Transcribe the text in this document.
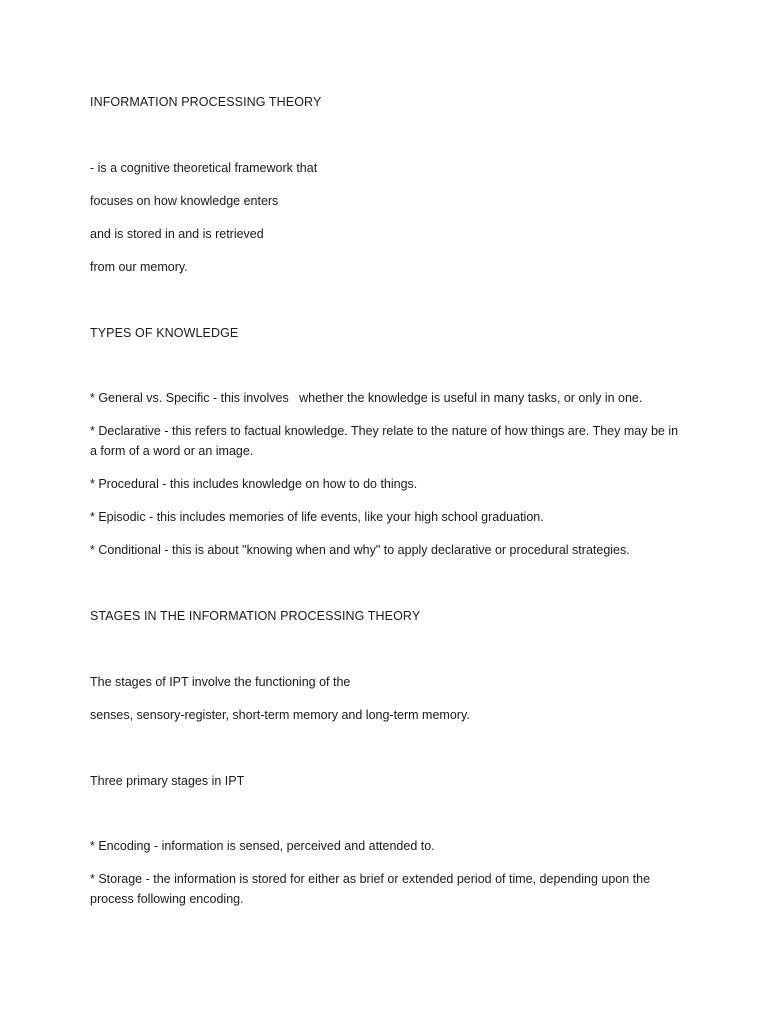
INFORMATION PROCESSING THEORY

- is a cognitive theoretical framework that

focuses on how knowledge enters

and is stored in and is retrieved

from our memory.

TYPES OF KNOWLEDGE

* General vs. Specific - this involves   whether the knowledge is useful in many tasks, or only in one.

* Declarative - this refers to factual knowledge. They relate to the nature of how things are. They may be in a form of a word or an image.

* Procedural - this includes knowledge on how to do things.

* Episodic - this includes memories of life events, like your high school graduation.

* Conditional - this is about "knowing when and why" to apply declarative or procedural strategies.

STAGES IN THE INFORMATION PROCESSING THEORY

The stages of IPT involve the functioning of the

senses, sensory-register, short-term memory and long-term memory.

Three primary stages in IPT

* Encoding - information is sensed, perceived and attended to.

* Storage - the information is stored for either as brief or extended period of time, depending upon the process following encoding.
